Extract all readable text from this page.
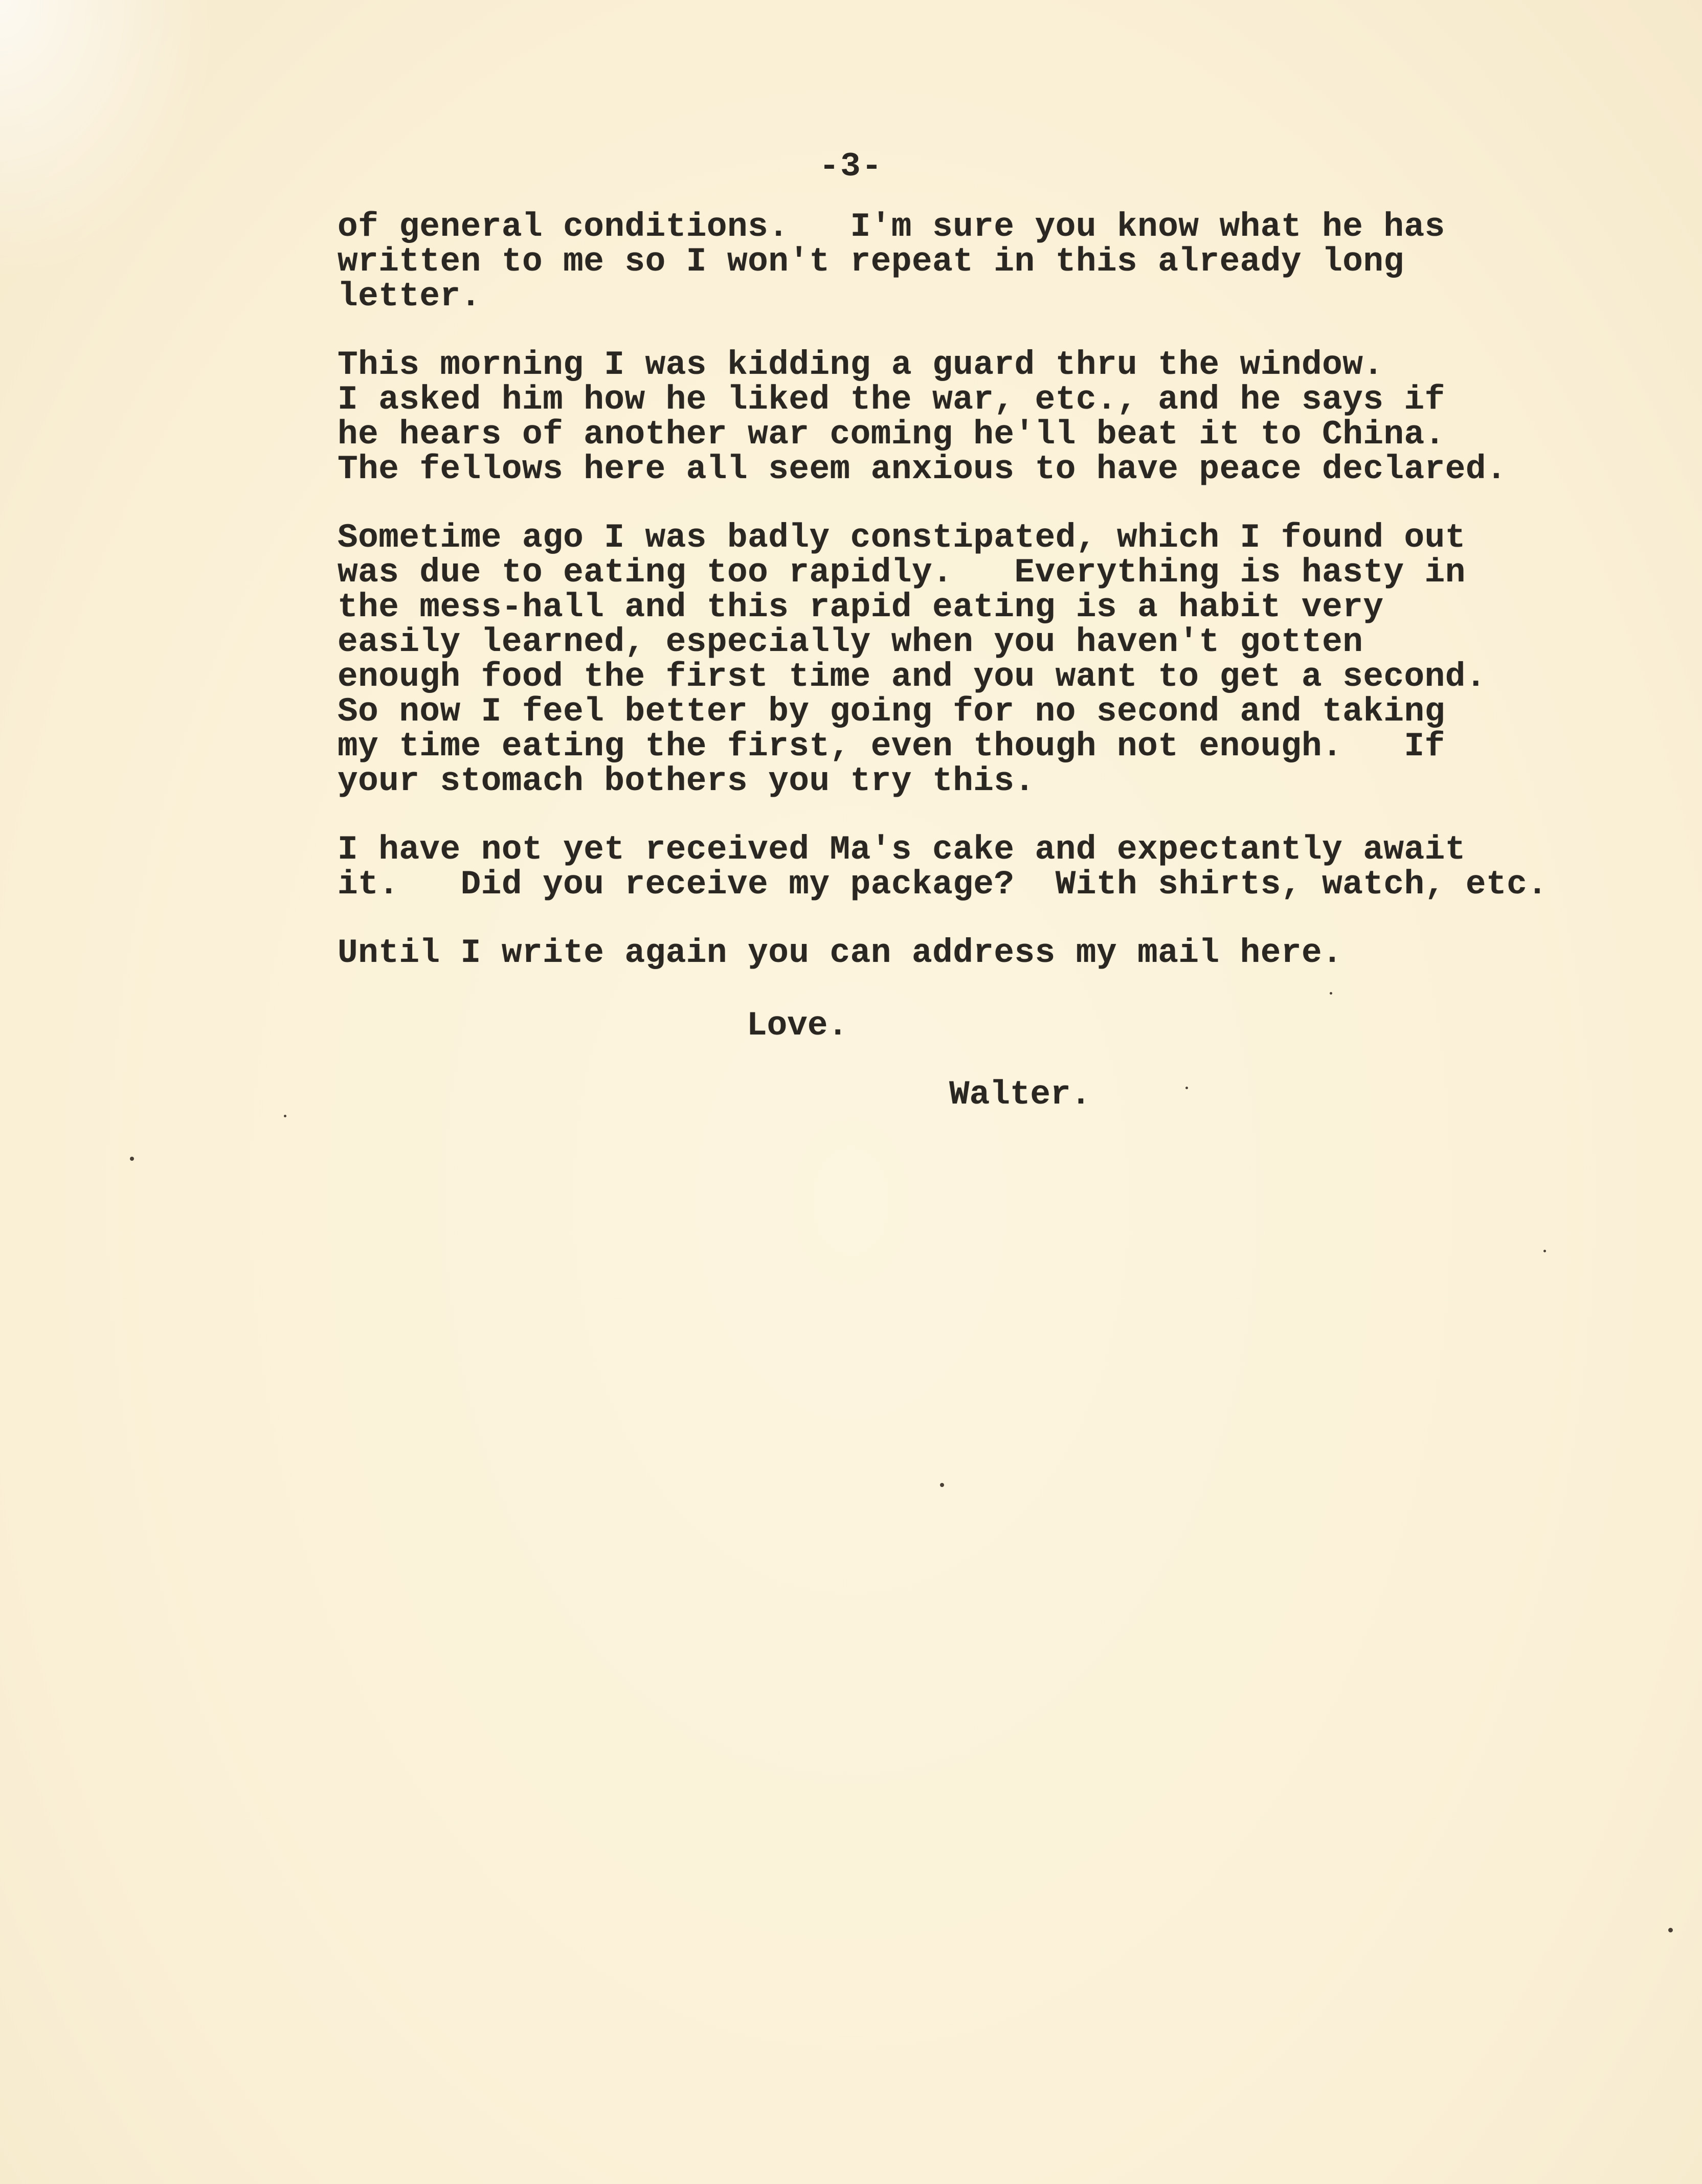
-3-
of general conditions.   I'm sure you know what he has
written to me so I won't repeat in this already long
letter.
This morning I was kidding a guard thru the window.
I asked him how he liked the war, etc., and he says if
he hears of another war coming he'll beat it to China.
The fellows here all seem anxious to have peace declared.
Sometime ago I was badly constipated, which I found out
was due to eating too rapidly.   Everything is hasty in
the mess-hall and this rapid eating is a habit very
easily learned, especially when you haven't gotten
enough food the first time and you want to get a second.
So now I feel better by going for no second and taking
my time eating the first, even though not enough.   If
your stomach bothers you try this.
I have not yet received Ma's cake and expectantly await
it.   Did you receive my package?  With shirts, watch, etc.
Until I write again you can address my mail here.
Love.
Walter.
